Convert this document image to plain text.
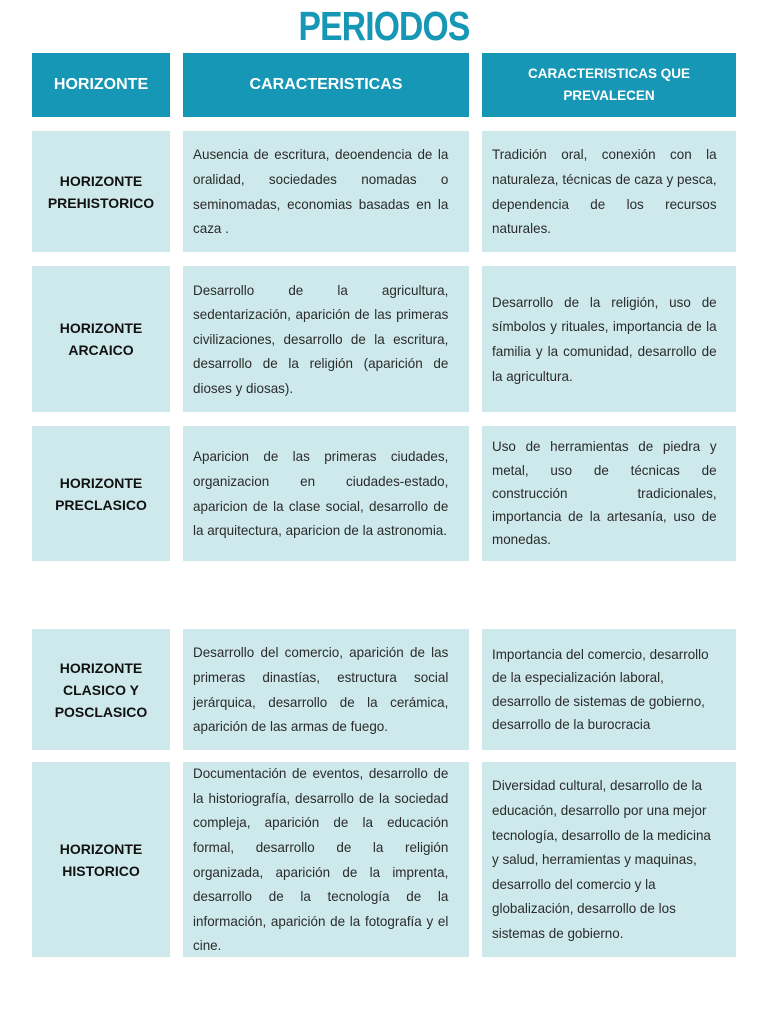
PERIODOS
HORIZONTE	CARACTERISTICAS
CARACTERISTICAS QUE PREVALECEN
HORIZONTE PREHISTORICO
Ausencia de escritura, deoendencia de la oralidad, sociedades nomadas o seminomadas, economias basadas en la caza .
Tradición oral, conexión con la naturaleza, técnicas de caza y pesca, dependencia de los recursos naturales.
HORIZONTE ARCAICO
Desarrollo de la agricultura, sedentarización, aparición de las primeras civilizaciones, desarrollo de la escritura, desarrollo de la religión (aparición de dioses y diosas).
Desarrollo de la religión, uso de símbolos y rituales, importancia de la familia y la comunidad, desarrollo de la agricultura.
HORIZONTE PRECLASICO
Aparicion de las primeras ciudades, organizacion en ciudades-estado, aparicion de la clase social, desarrollo de la arquitectura, aparicion de la astronomia.
Uso de herramientas de piedra y metal, uso de técnicas de construcción tradicionales, importancia de la artesanía, uso de monedas.
HORIZONTE CLASICO Y POSCLASICO
Desarrollo del comercio, aparición de las primeras dinastías, estructura social jerárquica, desarrollo de la cerámica, aparición de las armas de fuego.
Importancia del comercio, desarrollo de la especialización laboral, desarrollo de sistemas de gobierno, desarrollo de la burocracia
HORIZONTE HISTORICO
Documentación de eventos, desarrollo de la historiografía, desarrollo de la sociedad compleja, aparición de la educación formal, desarrollo de la religión organizada, aparición de la imprenta, desarrollo de la tecnología de la información, aparición de la fotografía y el cine.
Diversidad cultural, desarrollo de la educación, desarrollo por una mejor tecnología, desarrollo de la medicina y salud, herramientas y maquinas, desarrollo del comercio y la globalización, desarrollo de los sistemas de gobierno.
